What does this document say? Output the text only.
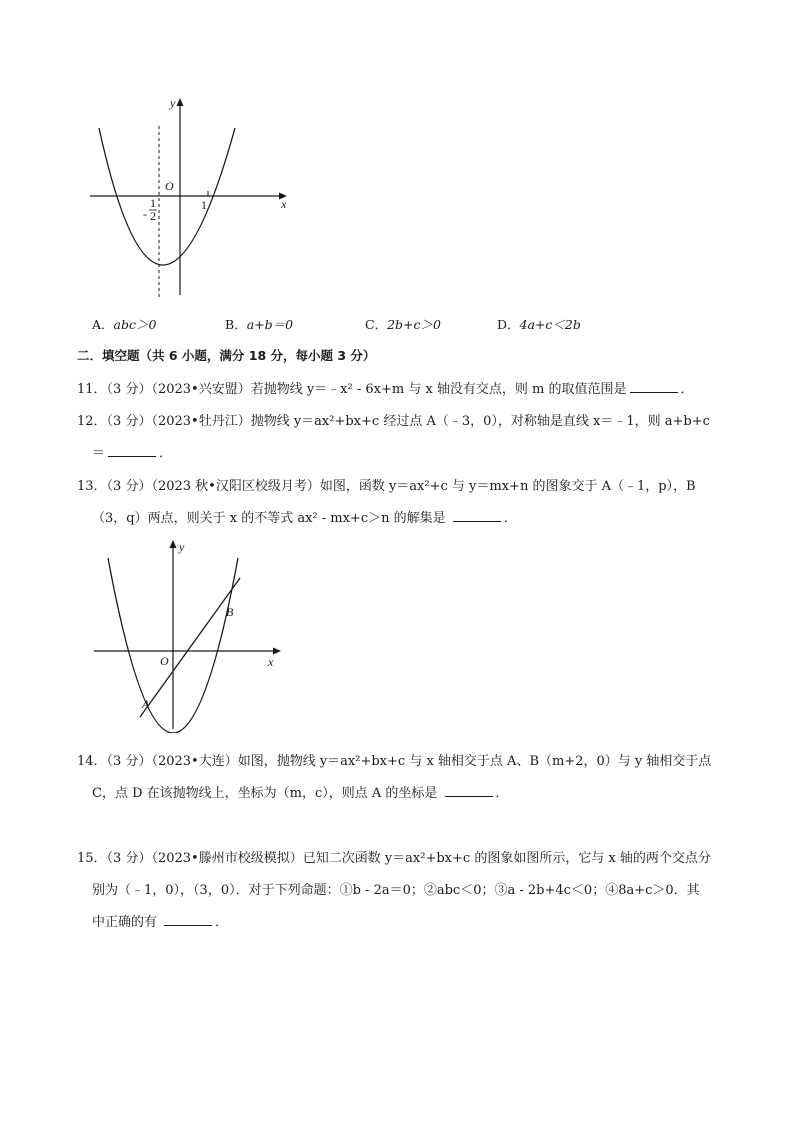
y
x
O
1
-
1
2
A．abc＞0	B．a+b＝0	C．2b+c＞0	D．4a+c＜2b
二．填空题（共 6 小题，满分 18 分，每小题 3 分）
11．（3 分）（2023•兴安盟）若抛物线 y＝﹣x² - 6x+m 与 x 轴没有交点，则 m 的取值范围是	．
12．（3 分）（2023•牡丹江）抛物线 y＝ax²+bx+c 经过点 A（﹣3，0），对称轴是直线 x＝﹣1，则 a+b+c
＝	．
13．（3 分）（2023 秋•汉阳区校级月考）如图，函数 y＝ax²+c 与 y＝mx+n 的图象交于 A（﹣1，p），B
（3，q）两点，则关于 x 的不等式 ax² - mx+c＞n 的解集是	．
y
x
O
A
B
14．（3 分）（2023•大连）如图，抛物线 y＝ax²+bx+c 与 x 轴相交于点 A、B（m+2，0）与 y 轴相交于点
C，点 D 在该抛物线上，坐标为（m，c），则点 A 的坐标是	．
15．（3 分）（2023•滕州市校级模拟）已知二次函数 y＝ax²+bx+c 的图象如图所示，它与 x 轴的两个交点分
别为（﹣1，0），（3，0）．对于下列命题：①b - 2a＝0；②abc＜0；③a - 2b+4c＜0；④8a+c＞0．其
中正确的有	．
